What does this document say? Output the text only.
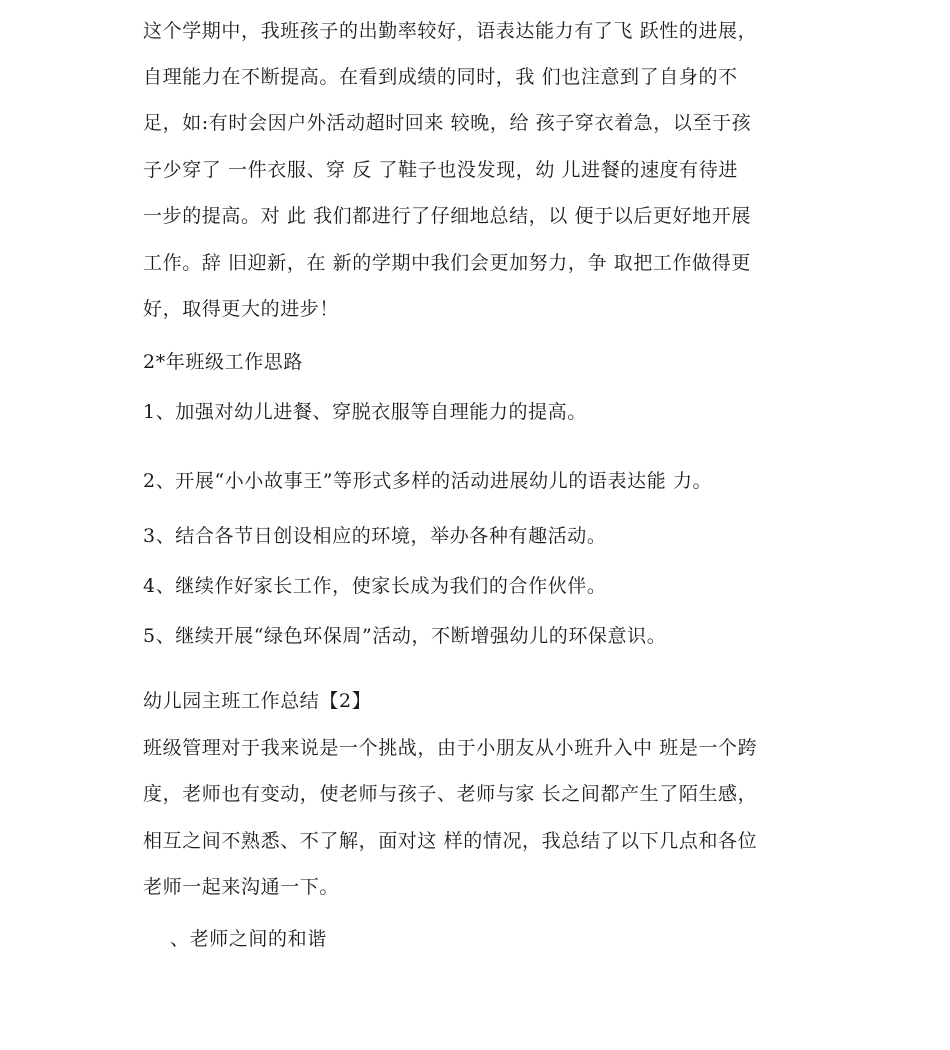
这个学期中，我班孩子的出勤率较好，语表达能力有了飞 跃性的进展，
自理能力在不断提高。在看到成绩的同时，我 们也注意到了自身的不
足，如:有时会因户外活动超时回来 较晚，给 孩子穿衣着急，以至于孩
子少穿了 一件衣服、穿 反 了鞋子也没发现，幼 儿进餐的速度有待进
一步的提高。对 此 我们都进行了仔细地总结，以 便于以后更好地开展
工作。辞 旧迎新，在 新的学期中我们会更加努力，争 取把工作做得更
好，取得更大的进步！
2*年班级工作思路
1、加强对幼儿进餐、穿脱衣服等自理能力的提高。
2、开展“小小故事王”等形式多样的活动进展幼儿的语表达能 力。
3、结合各节日创设相应的环境，举办各种有趣活动。
4、继续作好家长工作，使家长成为我们的合作伙伴。
5、继续开展“绿色环保周”活动，不断增强幼儿的环保意识。
幼儿园主班工作总结【2】
班级管理对于我来说是一个挑战，由于小朋友从小班升入中 班是一个跨
度，老师也有变动，使老师与孩子、老师与家 长之间都产生了陌生感，
相互之间不熟悉、不了解，面对这 样的情况，我总结了以下几点和各位
老师一起来沟通一下。
、老师之间的和谐
